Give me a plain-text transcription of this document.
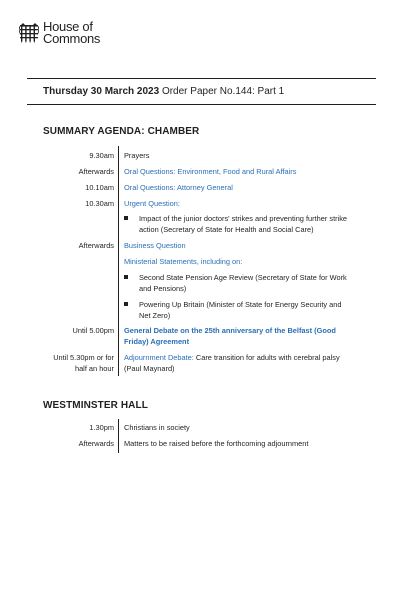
House of
Commons
Thursday 30 March 2023 Order Paper No.144: Part 1
SUMMARY AGENDA: CHAMBER
9.30am Prayers
Afterwards Oral Questions: Environment, Food and Rural Affairs
10.10am Oral Questions: Attorney General
10.30am Urgent Question:
Impact of the junior doctors' strikes and preventing further strike action (Secretary of State for Health and Social Care)
Afterwards Business Question
Ministerial Statements, including on:
Second State Pension Age Review (Secretary of State for Work and Pensions)
Powering Up Britain (Minister of State for Energy Security and Net Zero)
Until 5.00pm General Debate on the 25th anniversary of the Belfast (Good Friday) Agreement
Until 5.30pm or for
half an hour
Adjournment Debate: Care transition for adults with cerebral palsy (Paul Maynard)
WESTMINSTER HALL
1.30pm Christians in society
Afterwards Matters to be raised before the forthcoming adjournment
